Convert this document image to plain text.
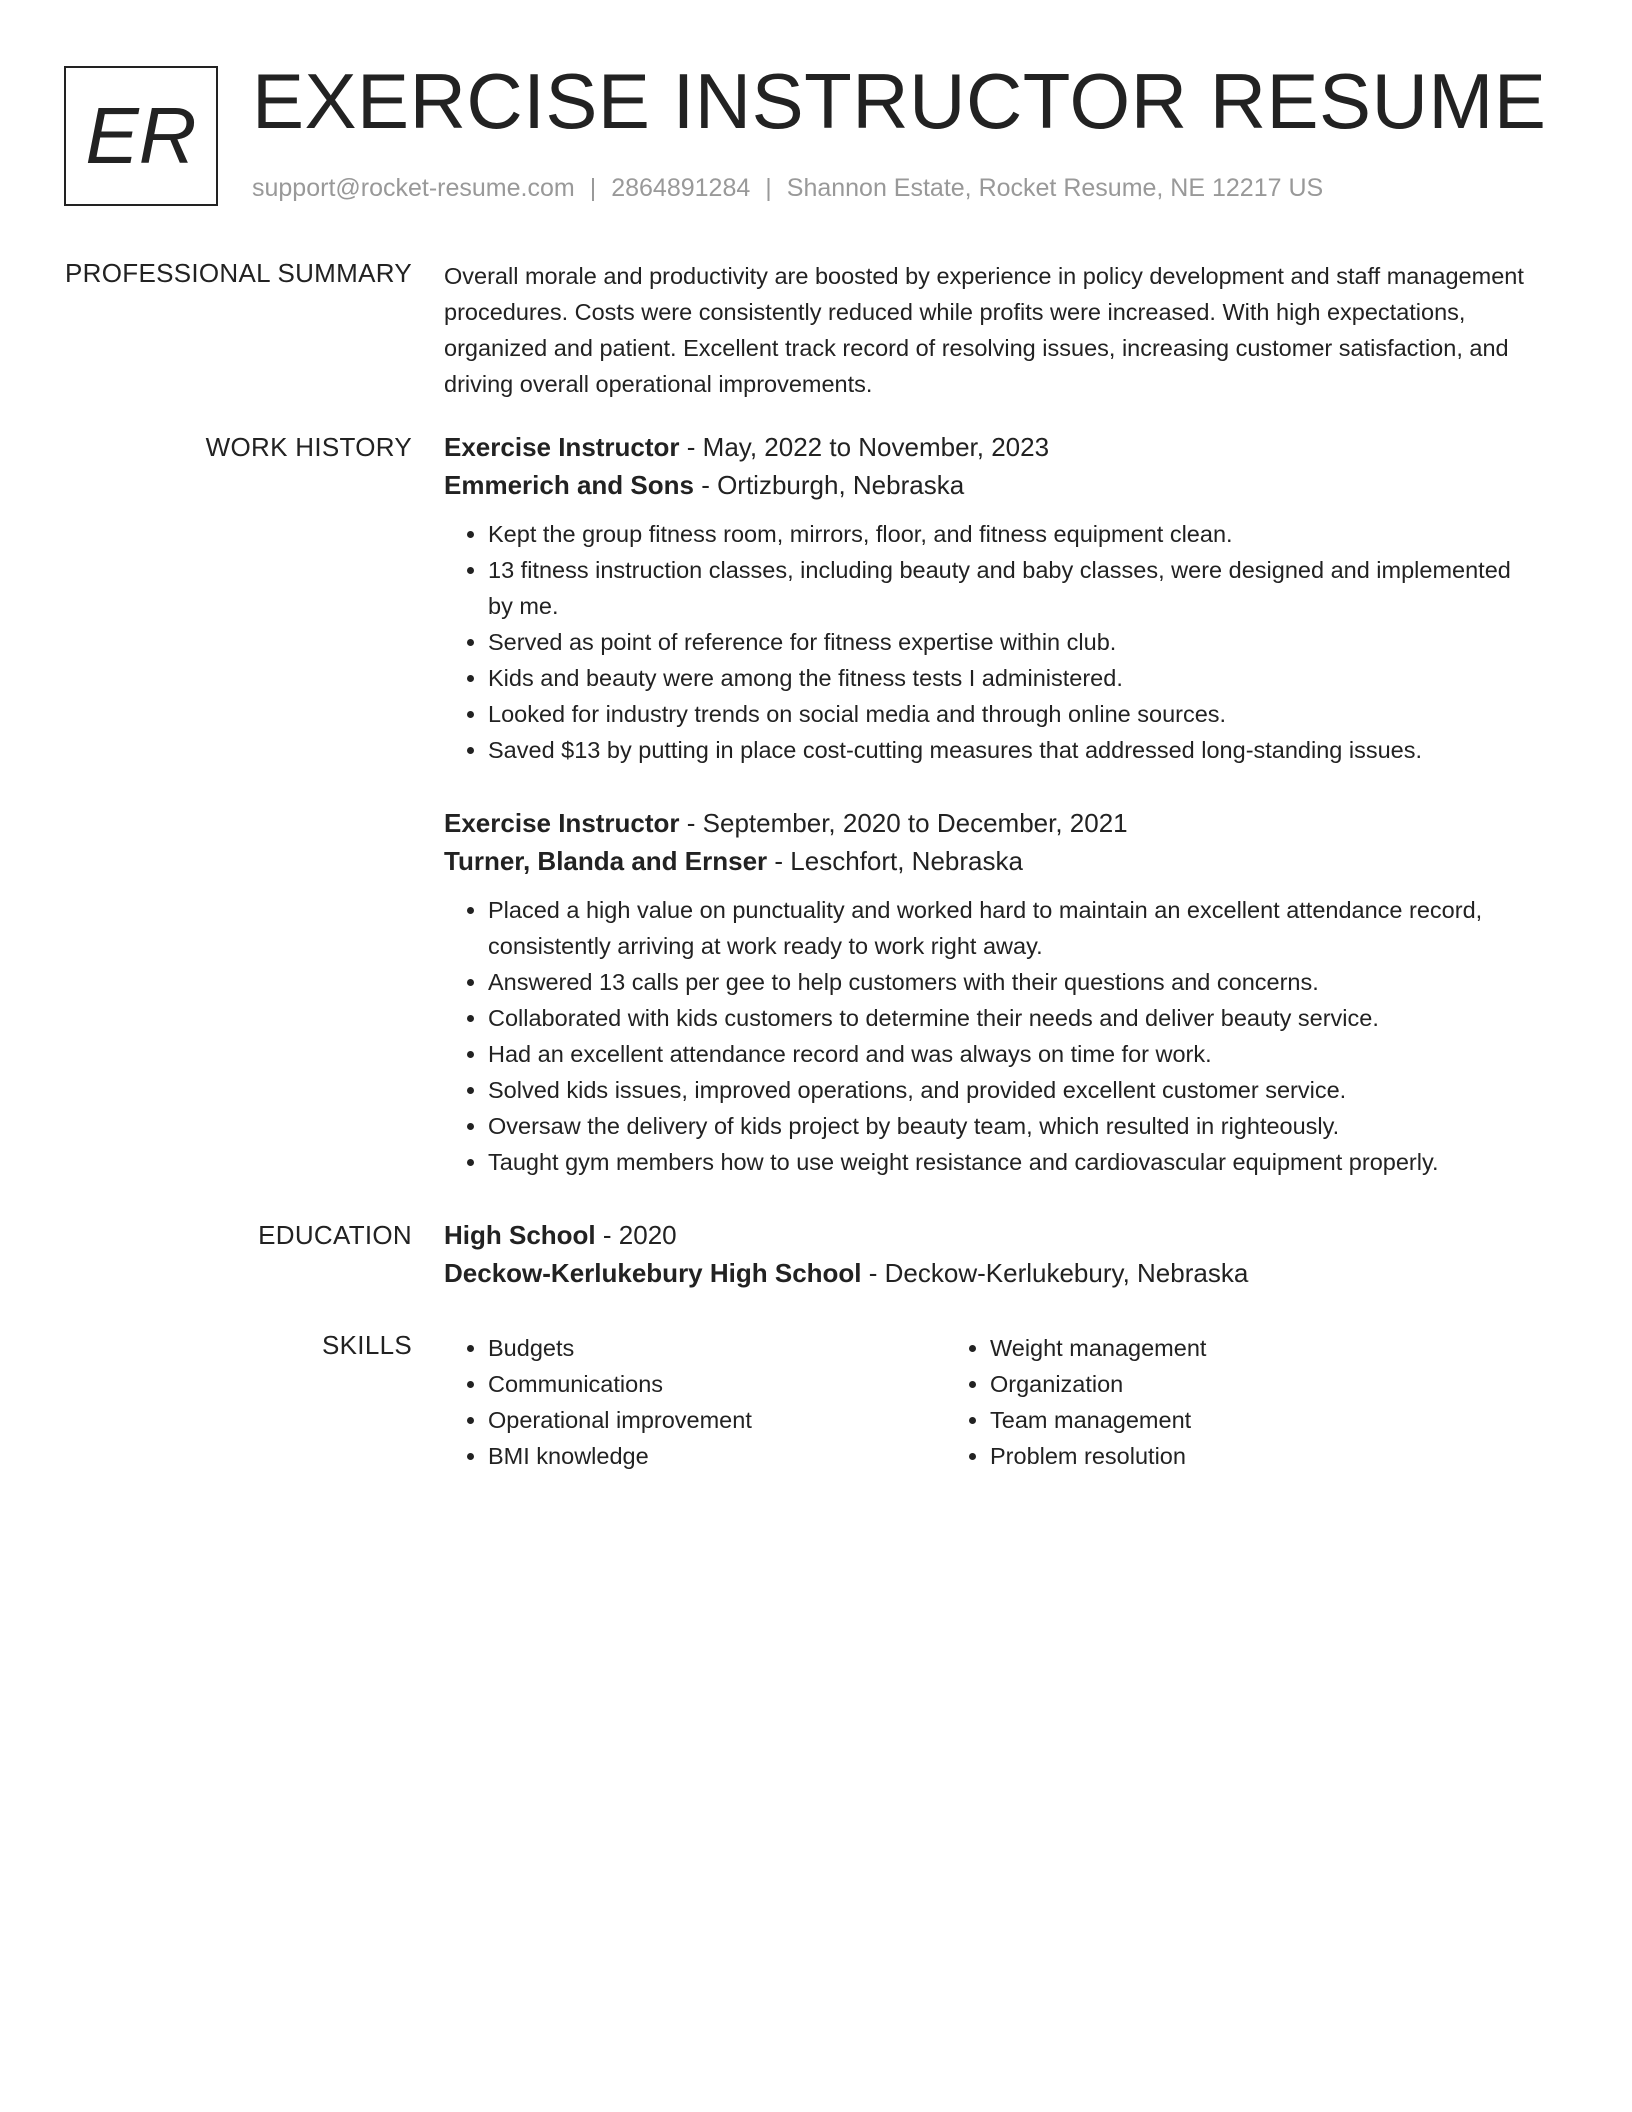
ER EXERCISE INSTRUCTOR RESUME
support@rocket-resume.com | 2864891284 | Shannon Estate, Rocket Resume, NE 12217 US
PROFESSIONAL SUMMARY Overall morale and productivity are boosted by experience in policy development and staff management procedures. Costs were consistently reduced while profits were increased. With high expectations, organized and patient. Excellent track record of resolving issues, increasing customer satisfaction, and driving overall operational improvements.

WORK HISTORY Exercise Instructor - May, 2022 to November, 2023
Emmerich and Sons - Ortizburgh, Nebraska
• Kept the group fitness room, mirrors, floor, and fitness equipment clean.
• 13 fitness instruction classes, including beauty and baby classes, were designed and implemented by me.
• Served as point of reference for fitness expertise within club.
• Kids and beauty were among the fitness tests I administered.
• Looked for industry trends on social media and through online sources.
• Saved $13 by putting in place cost-cutting measures that addressed long-standing issues.
Exercise Instructor - September, 2020 to December, 2021
Turner, Blanda and Ernser - Leschfort, Nebraska
• Placed a high value on punctuality and worked hard to maintain an excellent attendance record, consistently arriving at work ready to work right away.
• Answered 13 calls per gee to help customers with their questions and concerns.
• Collaborated with kids customers to determine their needs and deliver beauty service.
• Had an excellent attendance record and was always on time for work.
• Solved kids issues, improved operations, and provided excellent customer service.
• Oversaw the delivery of kids project by beauty team, which resulted in righteously.
• Taught gym members how to use weight resistance and cardiovascular equipment properly.
EDUCATION High School - 2020
Deckow-Kerlukebury High School - Deckow-Kerlukebury, Nebraska
SKILLS
•	Budgets
• Communications
• Operational improvement
• BMI knowledge
• Weight management
• Organization
• Team management
• Problem resolution
